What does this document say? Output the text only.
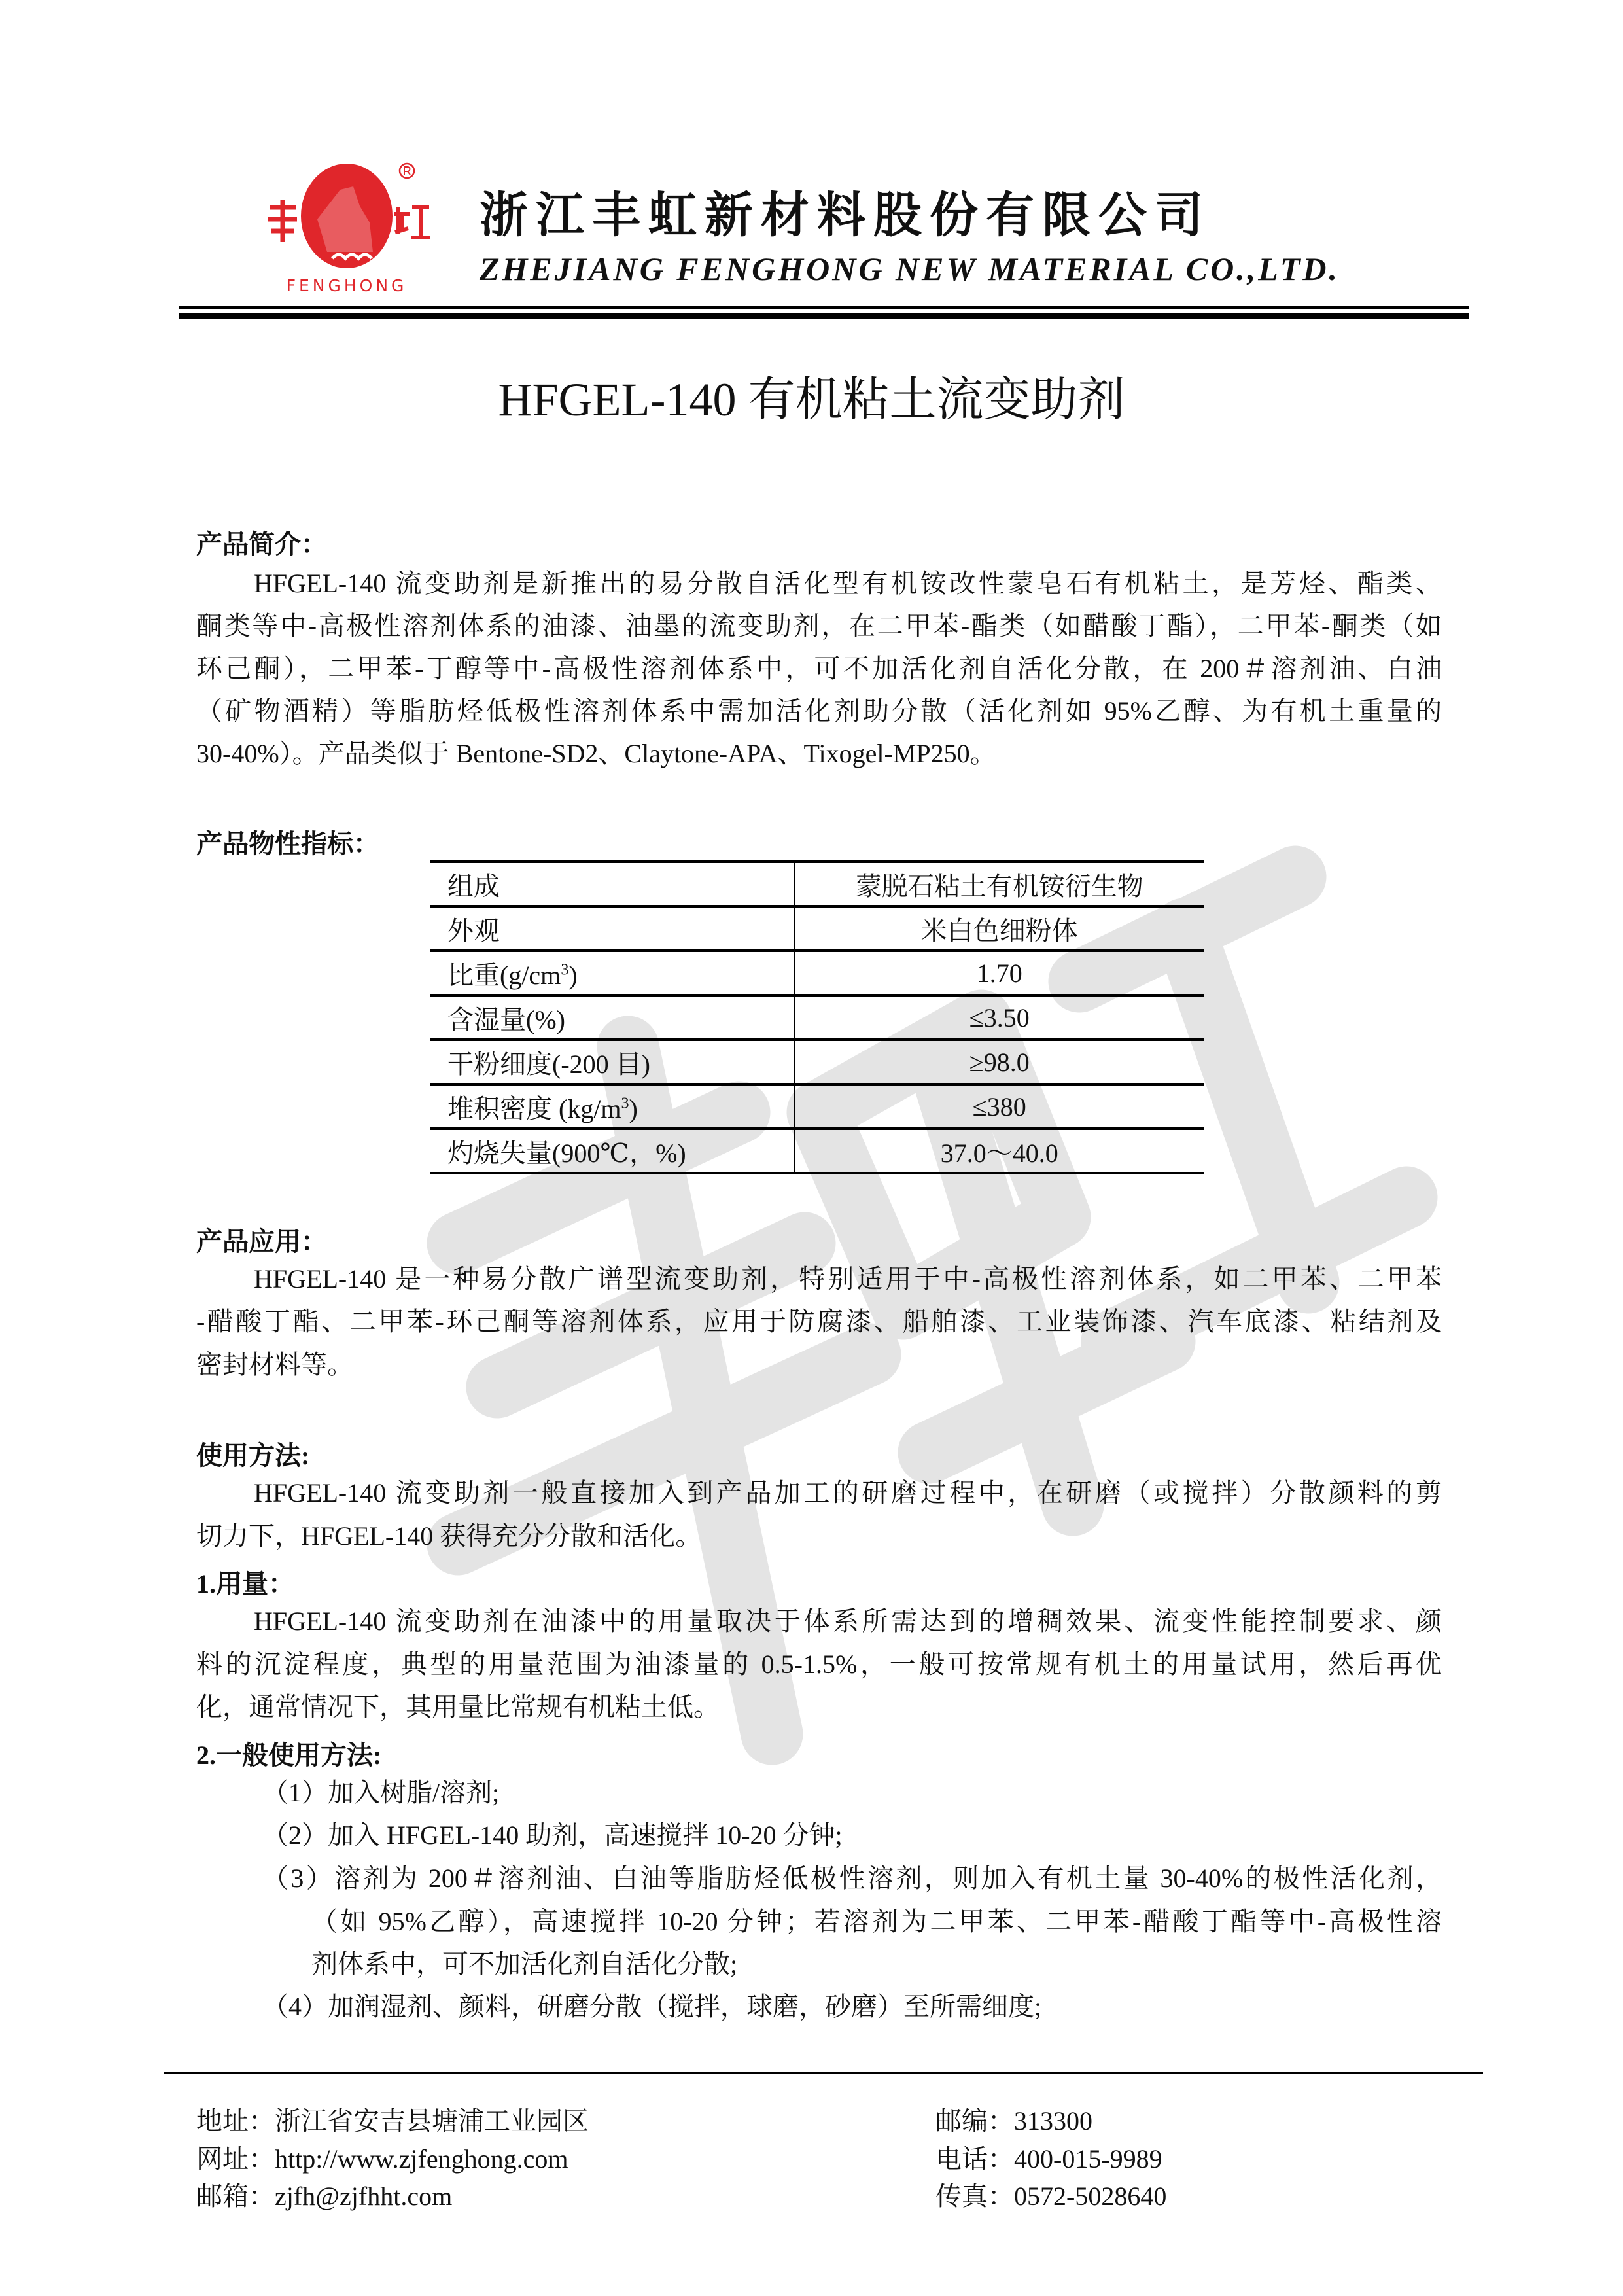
FENGHONG
浙江丰虹新材料股份有限公司
ZHEJIANG FENGHONG NEW MATERIAL CO.,LTD.
HFGEL-140 有机粘土流变助剂
产品简介：
HFGEL-140 流变助剂是新推出的易分散自活化型有机铵改性蒙皂石有机粘土，是芳烃、酯类、
酮类等中-高极性溶剂体系的油漆、油墨的流变助剂，在二甲苯-酯类（如醋酸丁酯），二甲苯-酮类（如
环己酮），二甲苯-丁醇等中-高极性溶剂体系中，可不加活化剂自活化分散，在 200＃溶剂油、白油
（矿物酒精）等脂肪烃低极性溶剂体系中需加活化剂助分散（活化剂如 95%乙醇、为有机土重量的
30-40%）。产品类似于 Bentone-SD2、Claytone-APA、Tixogel-MP250。
产品物性指标：
组成	蒙脱石粘土有机铵衍生物
外观	米白色细粉体
比重$(g/cm^3)$	1.70
含湿量(%)	≤3.50
干粉细度(-200 目)	≥98.0
堆积密度 $(kg/m^3)$	≤380
灼烧失量(900℃，%)	37.0～40.0
产品应用：
HFGEL-140 是一种易分散广谱型流变助剂，特别适用于中-高极性溶剂体系，如二甲苯、二甲苯
-醋酸丁酯、二甲苯-环己酮等溶剂体系，应用于防腐漆、船舶漆、工业装饰漆、汽车底漆、粘结剂及
密封材料等。
使用方法:
HFGEL-140 流变助剂一般直接加入到产品加工的研磨过程中，在研磨（或搅拌）分散颜料的剪
切力下，HFGEL-140 获得充分分散和活化。
1.用量：
HFGEL-140 流变助剂在油漆中的用量取决于体系所需达到的增稠效果、流变性能控制要求、颜
料的沉淀程度，典型的用量范围为油漆量的 0.5-1.5%，一般可按常规有机土的用量试用，然后再优
化，通常情况下，其用量比常规有机粘土低。
2.一般使用方法:
（1）加入树脂/溶剂;
（2）加入 HFGEL-140 助剂，高速搅拌 10-20 分钟;
（3）溶剂为 200＃溶剂油、白油等脂肪烃低极性溶剂，则加入有机土量 30-40%的极性活化剂，
（如 95%乙醇），高速搅拌 10-20 分钟；若溶剂为二甲苯、二甲苯-醋酸丁酯等中-高极性溶
剂体系中，可不加活化剂自活化分散;
（4）加润湿剂、颜料，研磨分散（搅拌，球磨，砂磨）至所需细度;
地址：浙江省安吉县塘浦工业园区
网址：http://www.zjfenghong.com
邮箱：zjfh@zjfhht.com
邮编：313300
电话：400-015-9989
传真：0572-5028640
